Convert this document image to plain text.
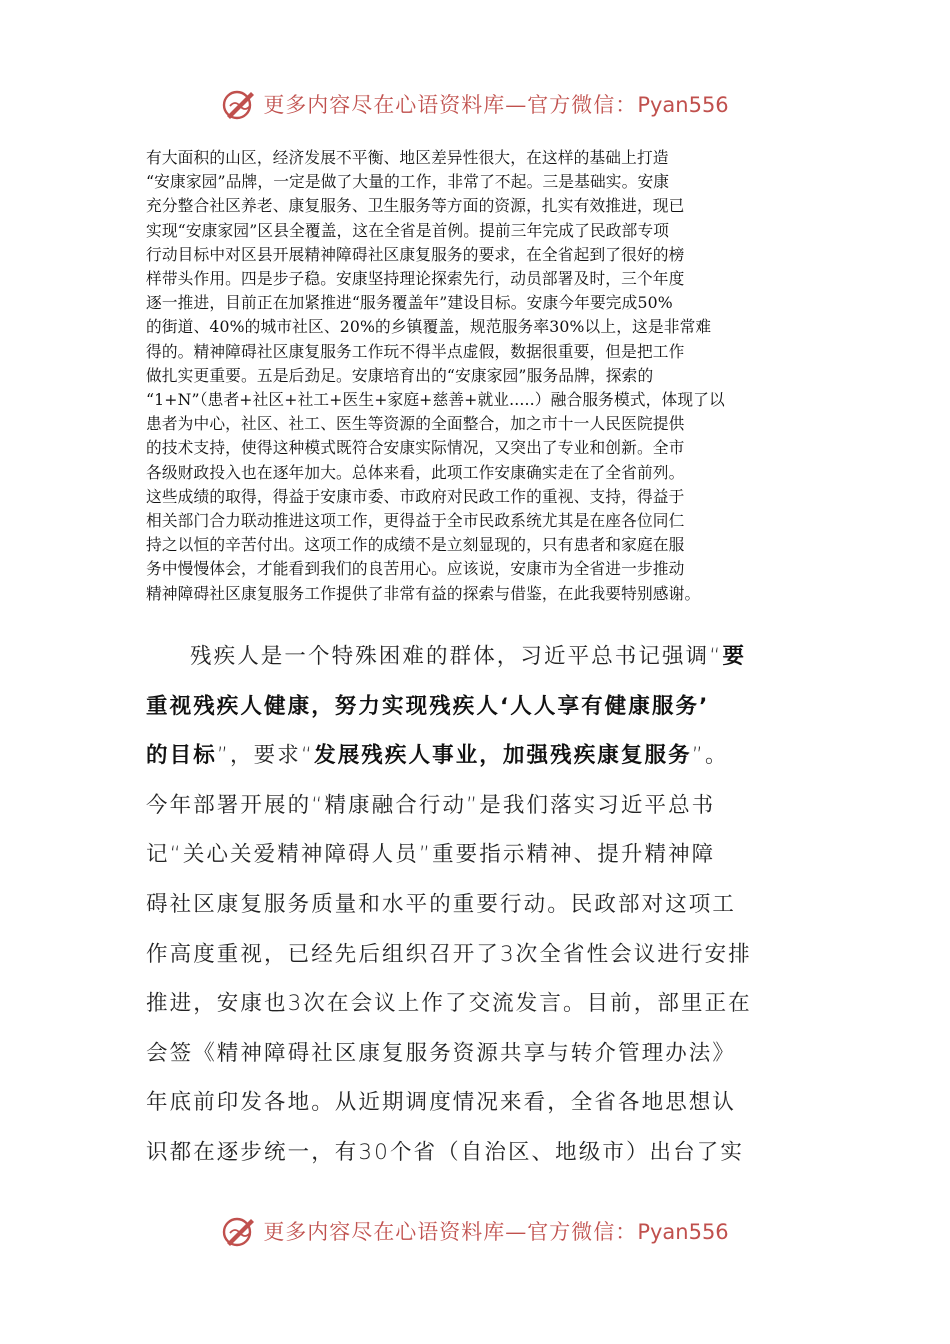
更多内容尽在心语资料库—官方微信：Pyan556
有大面积的山区，经济发展不平衡、地区差异性很大，在这样的基础上打造
“安康家园”品牌，一定是做了大量的工作，非常了不起。三是基础实。安康
充分整合社区养老、康复服务、卫生服务等方面的资源，扎实有效推进，现已
实现“安康家园”区县全覆盖，这在全省是首例。提前三年完成了民政部专项
行动目标中对区县开展精神障碍社区康复服务的要求，在全省起到了很好的榜
样带头作用。四是步子稳。安康坚持理论探索先行，动员部署及时，三个年度
逐一推进，目前正在加紧推进“服务覆盖年”建设目标。安康今年要完成50%
的街道、40%的城市社区、20%的乡镇覆盖，规范服务率30%以上，这是非常难
得的。精神障碍社区康复服务工作玩不得半点虚假，数据很重要，但是把工作
做扎实更重要。五是后劲足。安康培育出的“安康家园”服务品牌，探索的
“1+N”（患者+社区+社工+医生+家庭+慈善+就业.....）融合服务模式，体现了以
患者为中心，社区、社工、医生等资源的全面整合，加之市十一人民医院提供
的技术支持，使得这种模式既符合安康实际情况，又突出了专业和创新。全市
各级财政投入也在逐年加大。总体来看，此项工作安康确实走在了全省前列。
这些成绩的取得，得益于安康市委、市政府对民政工作的重视、支持，得益于
相关部门合力联动推进这项工作，更得益于全市民政系统尤其是在座各位同仁
持之以恒的辛苦付出。这项工作的成绩不是立刻显现的，只有患者和家庭在服
务中慢慢体会，才能看到我们的良苦用心。应该说，安康市为全省进一步推动
精神障碍社区康复服务工作提供了非常有益的探索与借鉴，在此我要特别感谢。
残疾人是一个特殊困难的群体，习近平总书记强调“要
重视残疾人健康，努力实现残疾人‘人人享有健康服务’
的目标”，要求“发展残疾人事业，加强残疾康复服务”。
今年部署开展的“精康融合行动”是我们落实习近平总书
记“关心关爱精神障碍人员”重要指示精神、提升精神障
碍社区康复服务质量和水平的重要行动。民政部对这项工
作高度重视，已经先后组织召开了3次全省性会议进行安排
推进，安康也3次在会议上作了交流发言。目前，部里正在
会签《精神障碍社区康复服务资源共享与转介管理办法》
年底前印发各地。从近期调度情况来看，全省各地思想认
识都在逐步统一，有30个省（自治区、地级市）出台了实
更多内容尽在心语资料库—官方微信：Pyan556
